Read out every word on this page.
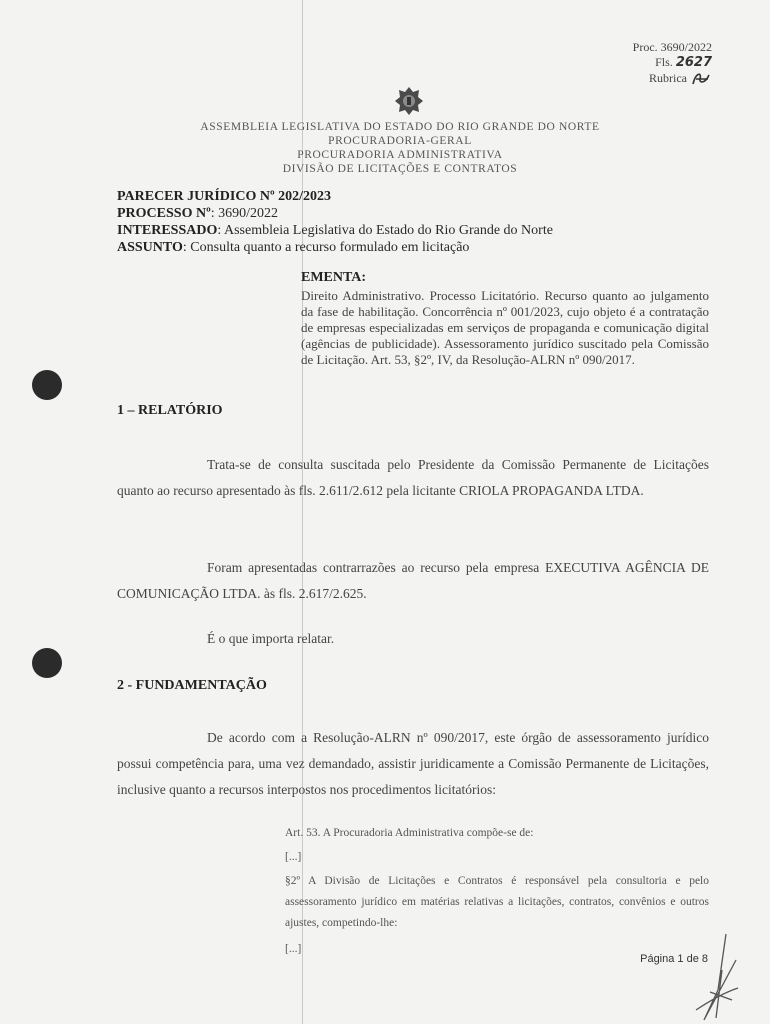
Proc. 3690/2022
Fls. 2627
Rubrica
ASSEMBLEIA LEGISLATIVA DO ESTADO DO RIO GRANDE DO NORTE
PROCURADORIA-GERAL
PROCURADORIA ADMINISTRATIVA
DIVISÃO DE LICITAÇÕES E CONTRATOS
PARECER JURÍDICO Nº 202/2023
PROCESSO Nº: 3690/2022
INTERESSADO: Assembleia Legislativa do Estado do Rio Grande do Norte
ASSUNTO: Consulta quanto a recurso formulado em licitação
EMENTA:
Direito Administrativo. Processo Licitatório. Recurso quanto ao julgamento da fase de habilitação. Concorrência nº 001/2023, cujo objeto é a contratação de empresas especializadas em serviços de propaganda e comunicação digital (agências de publicidade). Assessoramento jurídico suscitado pela Comissão de Licitação. Art. 53, §2º, IV, da Resolução-ALRN nº 090/2017.
1 – RELATÓRIO
Trata-se de consulta suscitada pelo Presidente da Comissão Permanente de Licitações quanto ao recurso apresentado às fls. 2.611/2.612 pela licitante CRIOLA PROPAGANDA LTDA.
Foram apresentadas contrarrazões ao recurso pela empresa EXECUTIVA AGÊNCIA DE COMUNICAÇÃO LTDA. às fls. 2.617/2.625.
É o que importa relatar.
2 - FUNDAMENTAÇÃO
De acordo com a Resolução-ALRN nº 090/2017, este órgão de assessoramento jurídico possui competência para, uma vez demandado, assistir juridicamente a Comissão Permanente de Licitações, inclusive quanto a recursos interpostos nos procedimentos licitatórios:
Art. 53. A Procuradoria Administrativa compõe-se de:
[...]
§2º A Divisão de Licitações e Contratos é responsável pela consultoria e pelo assessoramento jurídico em matérias relativas a licitações, contratos, convênios e outros ajustes, competindo-lhe:
[...]
Página 1 de 8
